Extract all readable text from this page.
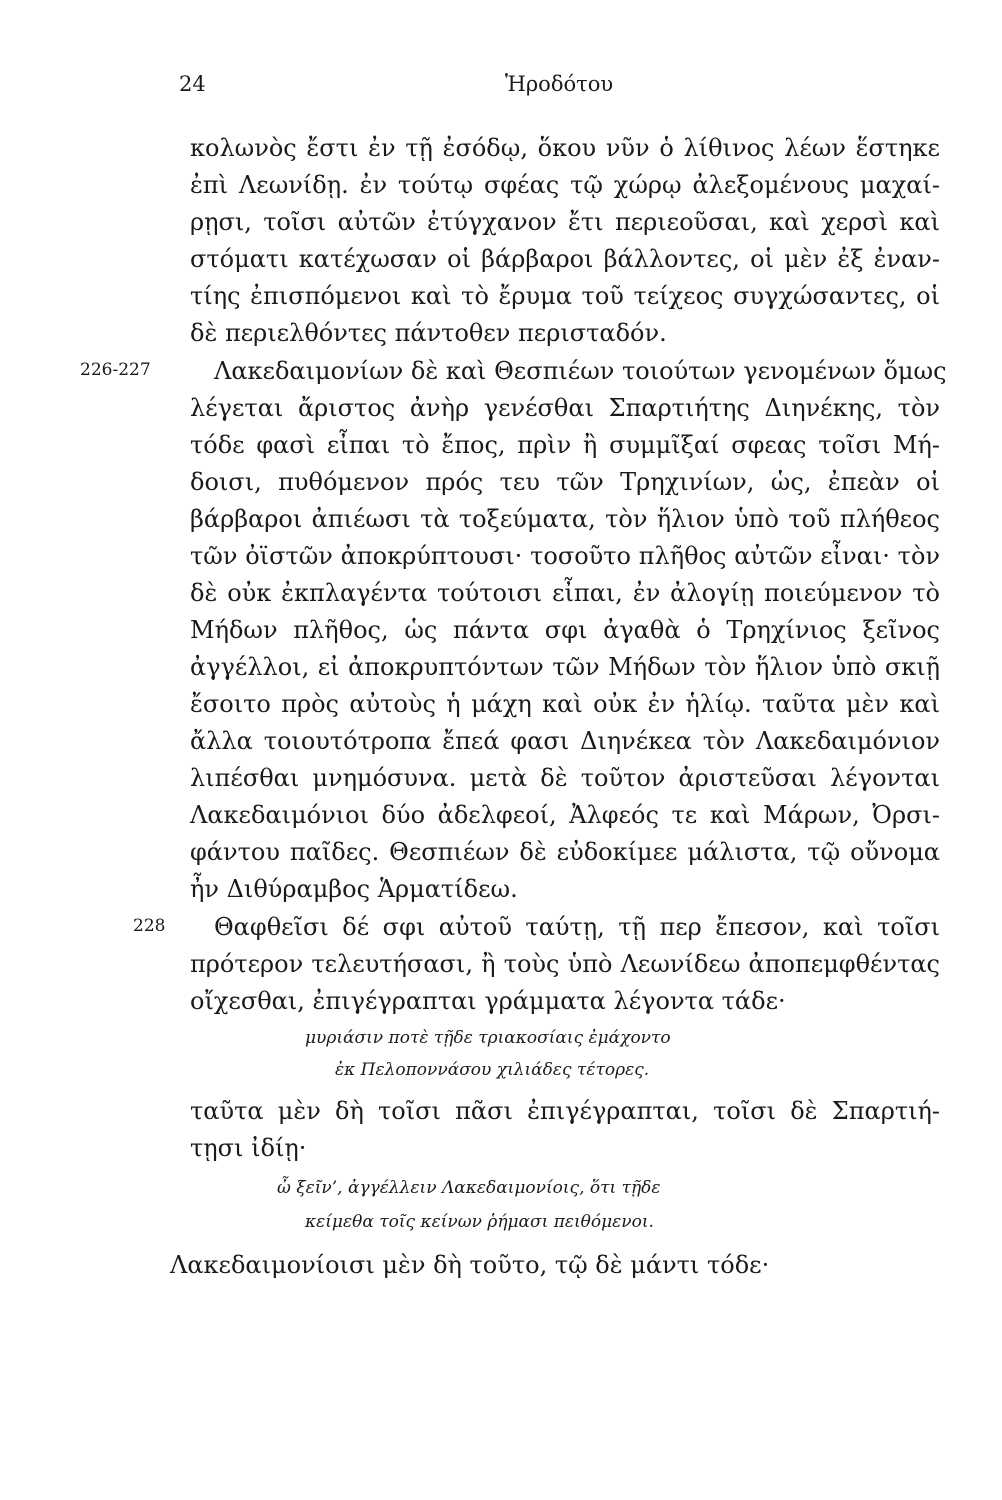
24	Ἡροδότου
κολωνὸς ἔστι ἐν τῇ ἐσόδῳ, ὅκου νῦν ὁ λίθινος λέων ἕστηκε
ἐπὶ Λεωνίδῃ. ἐν τούτῳ σφέας τῷ χώρῳ ἀλεξομένους μαχαί-
ρῃσι, τοῖσι αὐτῶν ἐτύγχανον ἔτι περιεοῦσαι, καὶ χερσὶ καὶ
στόματι κατέχωσαν οἱ βάρβαροι βάλλοντες, οἱ μὲν ἐξ ἐναν-
τίης ἐπισπόμενοι καὶ τὸ ἔρυμα τοῦ τείχεος συγχώσαντες, οἱ
δὲ περιελθόντες πάντοθεν περισταδόν.
226-227	Λακεδαιμονίων δὲ καὶ Θεσπιέων τοιούτων γενομένων ὅμως
λέγεται ἄριστος ἀνὴρ γενέσθαι Σπαρτιήτης Διηνέκης, τὸν
τόδε φασὶ εἶπαι τὸ ἔπος, πρὶν ἢ συμμῖξαί σφεας τοῖσι Μή-
δοισι, πυθόμενον πρός τευ τῶν Τρηχινίων, ὡς, ἐπεὰν οἱ
βάρβαροι ἀπιέωσι τὰ τοξεύματα, τὸν ἥλιον ὑπὸ τοῦ πλήθεος
τῶν ὀϊστῶν ἀποκρύπτουσι· τοσοῦτο πλῆθος αὐτῶν εἶναι· τὸν
δὲ οὐκ ἐκπλαγέντα τούτοισι εἶπαι, ἐν ἀλογίῃ ποιεύμενον τὸ
Μήδων πλῆθος, ὡς πάντα σφι ἀγαθὰ ὁ Τρηχίνιος ξεῖνος
ἀγγέλλοι, εἰ ἀποκρυπτόντων τῶν Μήδων τὸν ἥλιον ὑπὸ σκιῇ
ἔσοιτο πρὸς αὐτοὺς ἡ μάχη καὶ οὐκ ἐν ἡλίῳ. ταῦτα μὲν καὶ
ἄλλα τοιουτότροπα ἔπεά φασι Διηνέκεα τὸν Λακεδαιμόνιον
λιπέσθαι μνημόσυνα. μετὰ δὲ τοῦτον ἀριστεῦσαι λέγονται
Λακεδαιμόνιοι δύο ἀδελφεοί, Ἀλφεός τε καὶ Μάρων, Ὀρσι-
φάντου παῖδες. Θεσπιέων δὲ εὐδοκίμεε μάλιστα, τῷ οὔνομα
ἦν Διθύραμβος Ἁρματίδεω.
228 Θαφθεῖσι δέ σφι αὐτοῦ ταύτῃ, τῇ περ ἔπεσον, καὶ τοῖσι
πρότερον τελευτήσασι, ἢ τοὺς ὑπὸ Λεωνίδεω ἀποπεμφθέντας
οἴχεσθαι, ἐπιγέγραπται γράμματα λέγοντα τάδε·
μυριάσιν ποτὲ τῇδε τριακοσίαις ἐμάχοντο
ἐκ Πελοποννάσου χιλιάδες τέτορες.
ταῦτα μὲν δὴ τοῖσι πᾶσι ἐπιγέγραπται, τοῖσι δὲ Σπαρτιή-
τῃσι ἰδίῃ·
ὦ ξεῖν’, ἀγγέλλειν Λακεδαιμονίοις, ὅτι τῇδε
κείμεθα τοῖς κείνων ῥήμασι πειθόμενοι.
Λακεδαιμονίοισι μὲν δὴ τοῦτο, τῷ δὲ μάντι τόδε·
